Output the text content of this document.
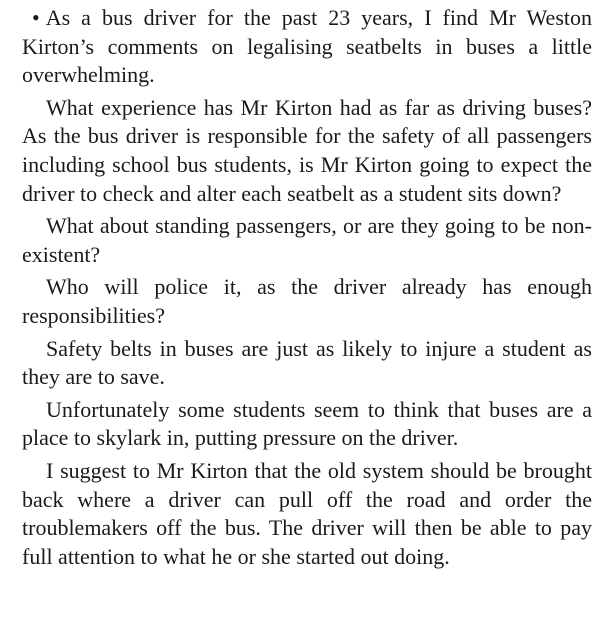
• As a bus driver for the past 23 years, I find Mr Weston Kirton’s comments on legalising seatbelts in buses a little overwhelming.

What experience has Mr Kirton had as far as driving buses? As the bus driver is responsible for the safety of all passengers including school bus students, is Mr Kirton going to expect the driver to check and alter each seatbelt as a student sits down?

What about standing passengers, or are they going to be non-existent?

Who will police it, as the driver already has enough responsibilities?

Safety belts in buses are just as likely to injure a student as they are to save.

Unfortunately some students seem to think that buses are a place to skylark in, putting pressure on the driver.

I suggest to Mr Kirton that the old system should be brought back where a driver can pull off the road and order the troublemakers off the bus. The driver will then be able to pay full attention to what he or she started out doing.
